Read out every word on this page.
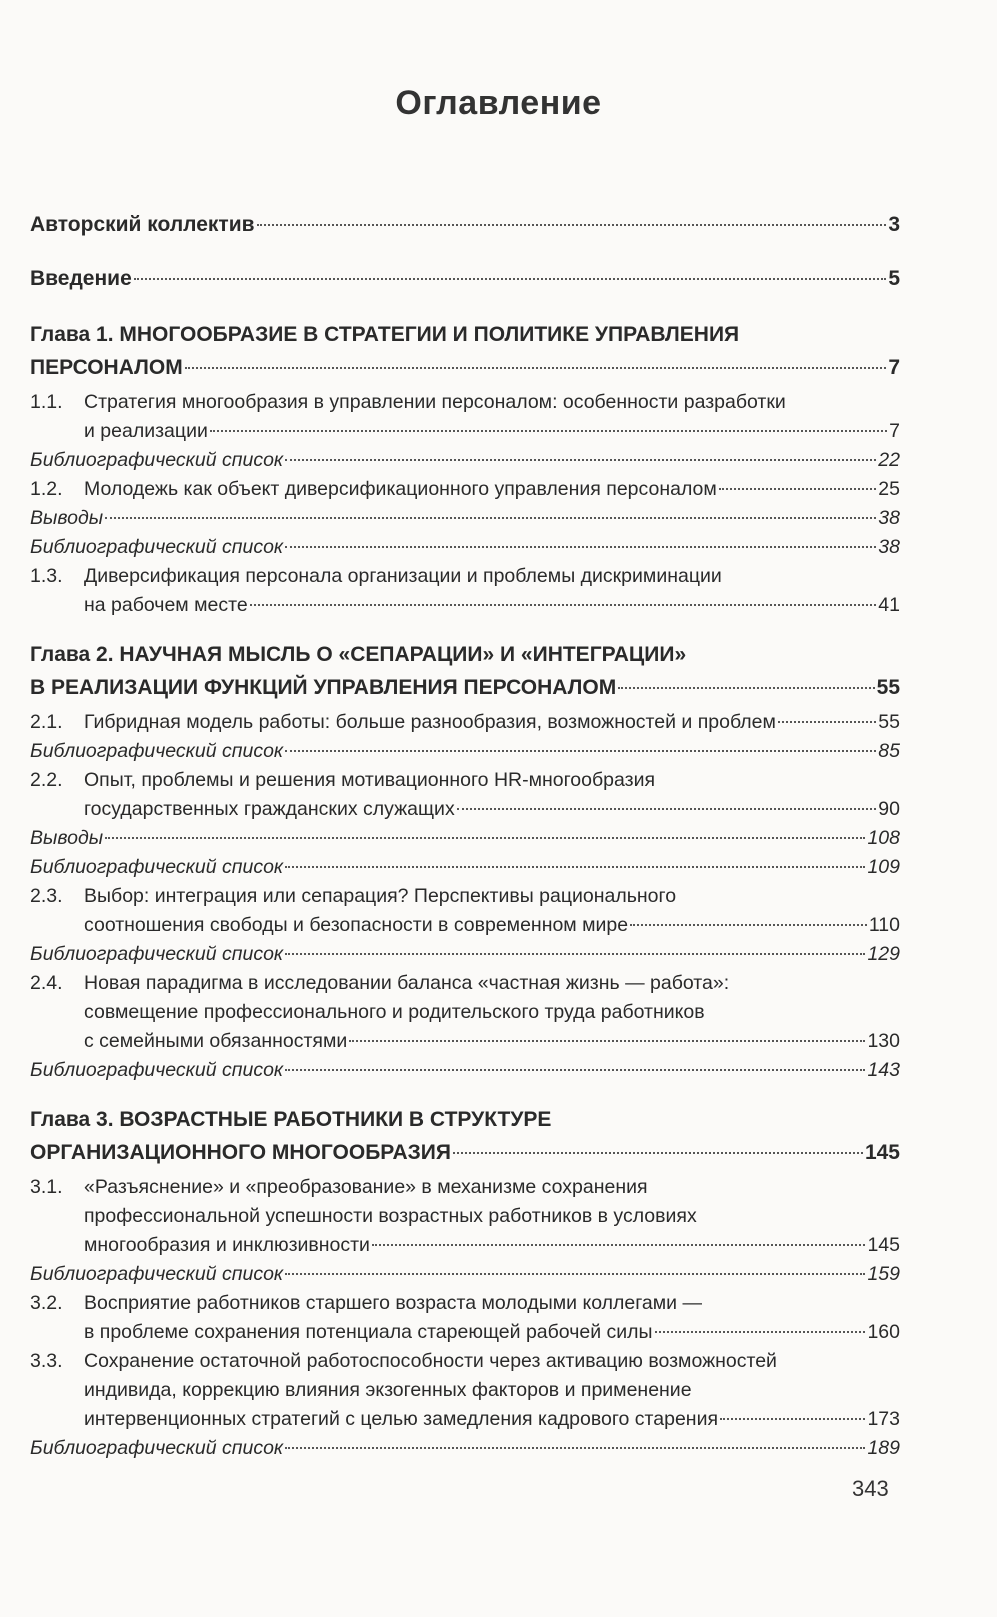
Оглавление
Авторский коллектив	3
Введение	5
Глава 1. МНОГООБРАЗИЕ В СТРАТЕГИИ И ПОЛИТИКЕ УПРАВЛЕНИЯ
ПЕРСОНАЛОМ	7
1.1.	Стратегия многообразия в управлении персоналом: особенности разработки
и реализации	7
Библиографический список	22
1.2.	Молодежь как объект диверсификационного управления персоналом	25
Выводы	38
Библиографический список	38
1.3.	Диверсификация персонала организации и проблемы дискриминации
на рабочем месте	41
Глава 2. НАУЧНАЯ МЫСЛЬ О «СЕПАРАЦИИ» И «ИНТЕГРАЦИИ»
В РЕАЛИЗАЦИИ ФУНКЦИЙ УПРАВЛЕНИЯ ПЕРСОНАЛОМ	55
2.1.	Гибридная модель работы: больше разнообразия, возможностей и проблем	55
Библиографический список	85
2.2.	Опыт, проблемы и решения мотивационного HR-многообразия
государственных гражданских служащих	90
Выводы	108
Библиографический список	109
2.3.	Выбор: интеграция или сепарация? Перспективы рационального
соотношения свободы и безопасности в современном мире	110
Библиографический список	129
2.4.	Новая парадигма в исследовании баланса «частная жизнь — работа»:
совмещение профессионального и родительского труда работников
с семейными обязанностями	130
Библиографический список	143
Глава 3. ВОЗРАСТНЫЕ РАБОТНИКИ В СТРУКТУРЕ
ОРГАНИЗАЦИОННОГО МНОГООБРАЗИЯ	145
3.1.	«Разъяснение» и «преобразование» в механизме сохранения
профессиональной успешности возрастных работников в условиях
многообразия и инклюзивности	145
Библиографический список	159
3.2.	Восприятие работников старшего возраста молодыми коллегами —
в проблеме сохранения потенциала стареющей рабочей силы	160
3.3.	Сохранение остаточной работоспособности через активацию возможностей
индивида, коррекцию влияния экзогенных факторов и применение
интервенционных стратегий с целью замедления кадрового старения	173
Библиографический список	189
343
